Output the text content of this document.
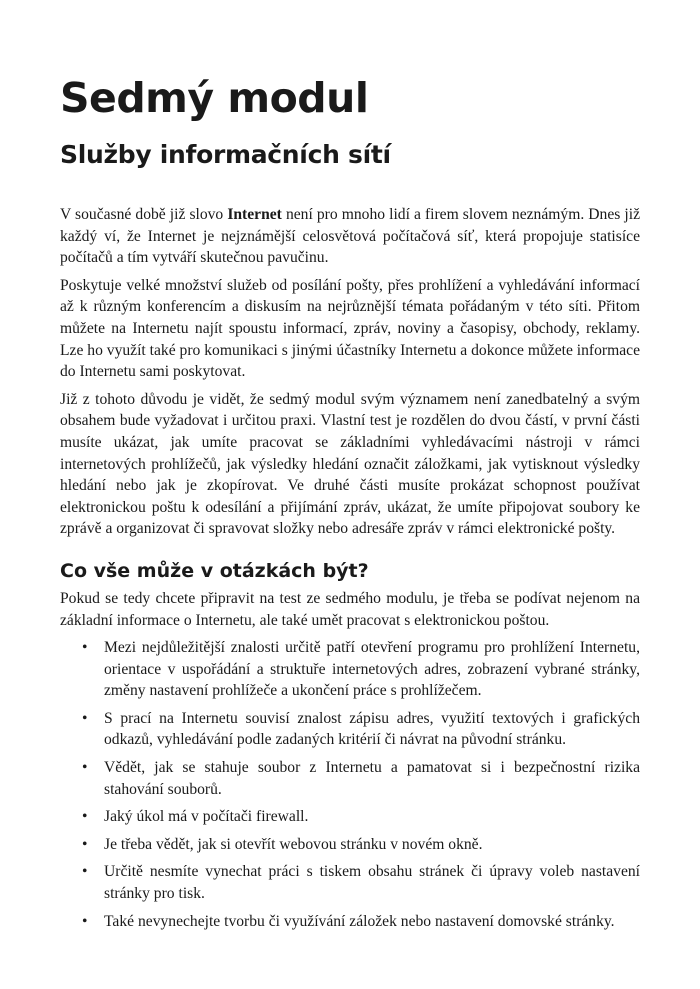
Sedmý modul
Služby informačních sítí

V současné době již slovo Internet není pro mnoho lidí a firem slovem neznámým. Dnes již každý ví, že Internet je nejznámější celosvětová počítačová síť, která propojuje statisíce počítačů a tím vytváří skutečnou pavučinu.

Poskytuje velké množství služeb od posílání pošty, přes prohlížení a vyhledávání informací až k různým konferencím a diskusím na nejrůznější témata pořádaným v této síti. Přitom můžete na Internetu najít spoustu informací, zpráv, noviny a časopisy, obchody, reklamy. Lze ho využít také pro komunikaci s jinými účastníky Internetu a dokonce můžete informace do Internetu sami poskytovat.

Již z tohoto důvodu je vidět, že sedmý modul svým významem není zanedbatelný a svým obsahem bude vyžadovat i určitou praxi. Vlastní test je rozdělen do dvou částí, v první části musíte ukázat, jak umíte pracovat se základními vyhledávacími nástroji v rámci internetových prohlížečů, jak výsledky hledání označit záložkami, jak vytisknout výsledky hledání nebo jak je zkopírovat. Ve druhé části musíte prokázat schopnost používat elektronickou poštu k odesílání a přijímání zpráv, ukázat, že umíte připojovat soubory ke zprávě a organizovat či spravovat složky nebo adresáře zpráv v rámci elektronické pošty.

Co vše může v otázkách být?

Pokud se tedy chcete připravit na test ze sedmého modulu, je třeba se podívat nejenom na základní informace o Internetu, ale také umět pracovat s elektronickou poštou.

• Mezi nejdůležitější znalosti určitě patří otevření programu pro prohlížení Internetu, orientace v uspořádání a struktuře internetových adres, zobrazení vybrané stránky, změny nastavení prohlížeče a ukončení práce s prohlížečem.
• S prací na Internetu souvisí znalost zápisu adres, využití textových i grafických odkazů, vyhledávání podle zadaných kritérií či návrat na původní stránku.
• Vědět, jak se stahuje soubor z Internetu a pamatovat si i bezpečnostní rizika stahování souborů.
• Jaký úkol má v počítači firewall.
• Je třeba vědět, jak si otevřít webovou stránku v novém okně.
• Určitě nesmíte vynechat práci s tiskem obsahu stránek či úpravy voleb nastavení stránky pro tisk.
• Také nevynechejte tvorbu či využívání záložek nebo nastavení domovské stránky.
